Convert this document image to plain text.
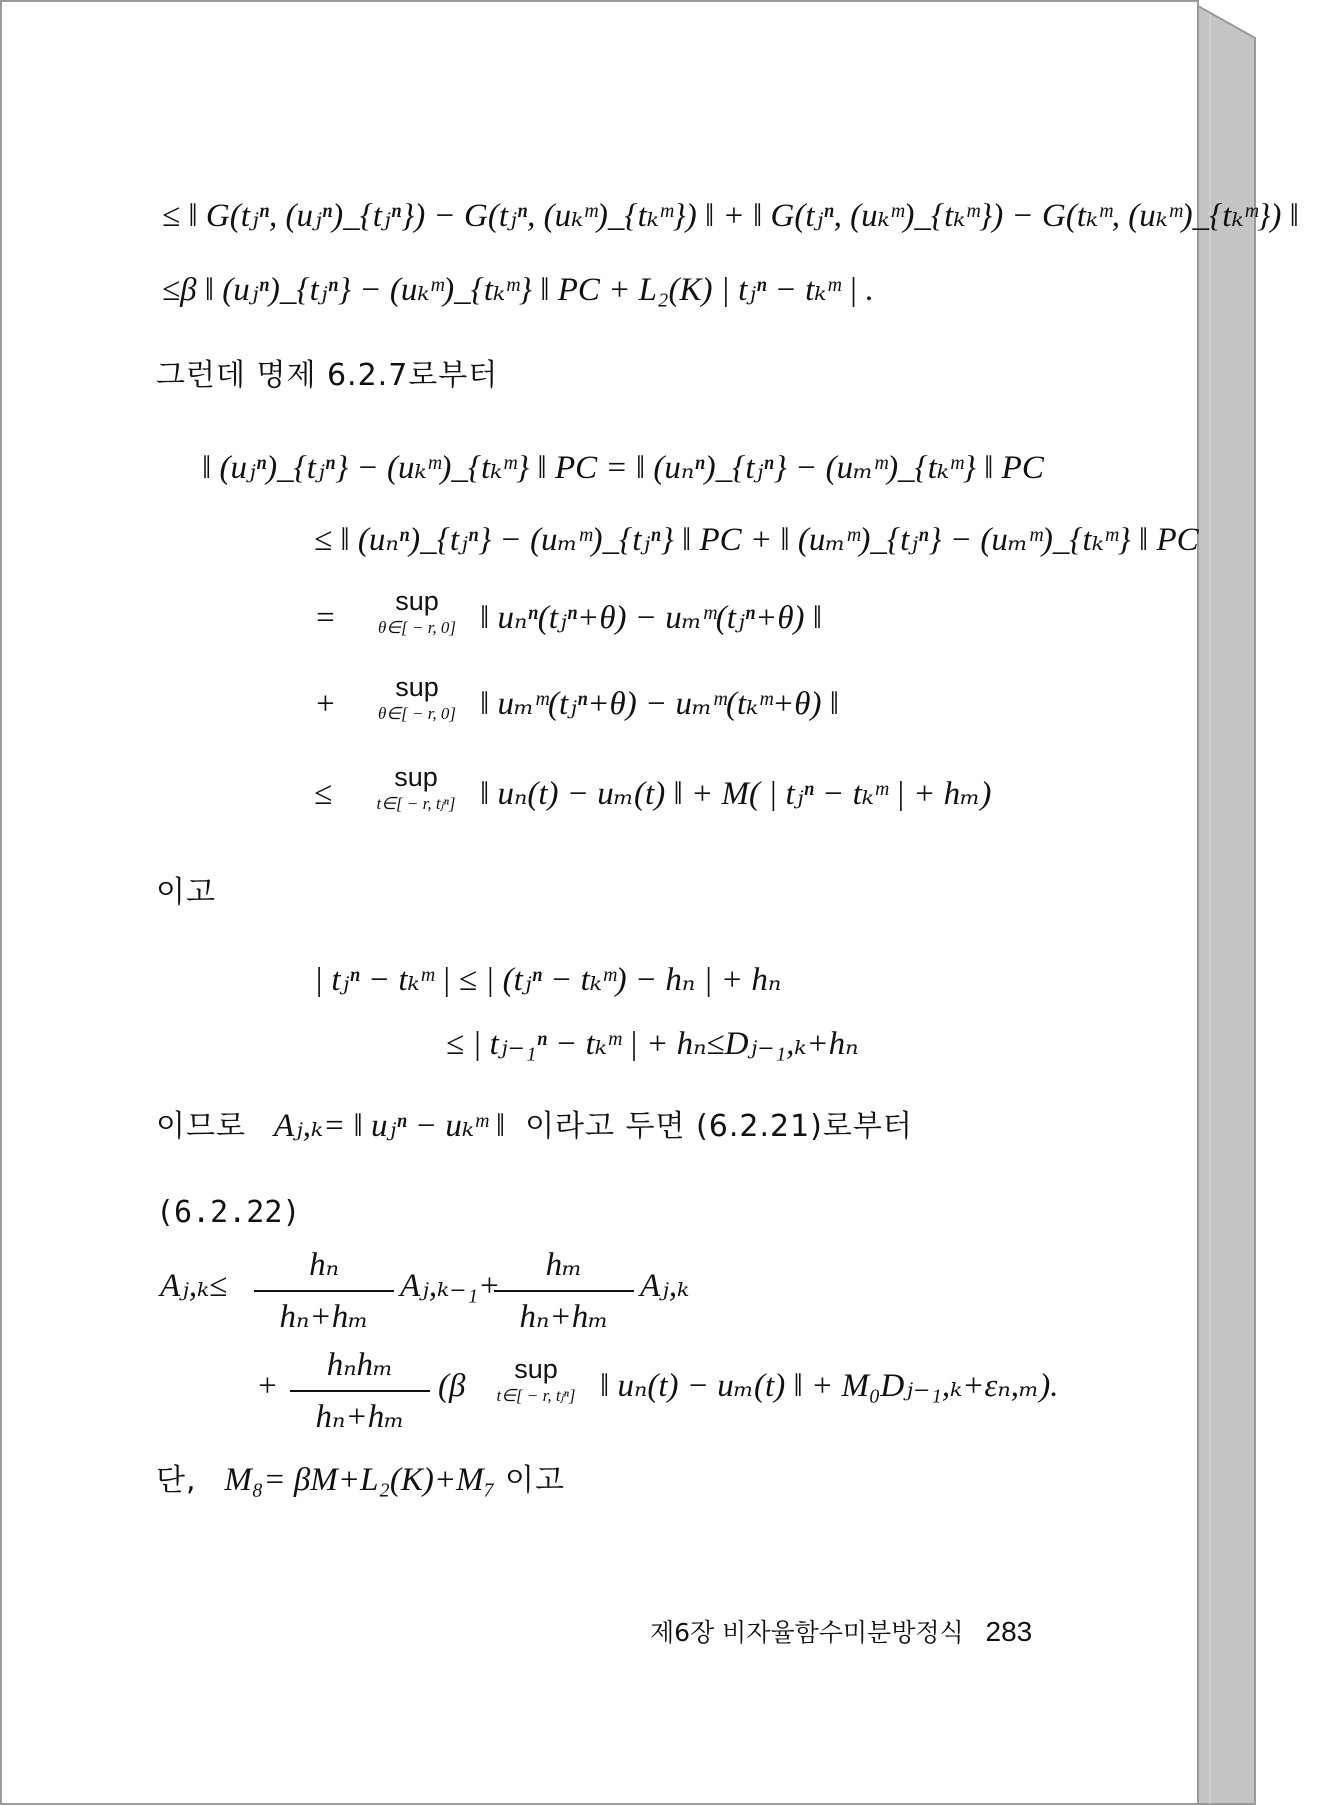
≤ ‖ G(tⱼⁿ, (uⱼⁿ)_{tⱼⁿ}) − G(tⱼⁿ, (uₖᵐ)_{tₖᵐ}) ‖ + ‖ G(tⱼⁿ, (uₖᵐ)_{tₖᵐ}) − G(tₖᵐ, (uₖᵐ)_{tₖᵐ}) ‖
≤β ‖ (uⱼⁿ)_{tⱼⁿ} − (uₖᵐ)_{tₖᵐ} ‖ PC + L₂(K) | tⱼⁿ − tₖᵐ | .
그런데 명제 6.2.7로부터
‖ (uⱼⁿ)_{tⱼⁿ} − (uₖᵐ)_{tₖᵐ} ‖ PC = ‖ (uₙⁿ)_{tⱼⁿ} − (uₘᵐ)_{tₖᵐ} ‖ PC
≤ ‖ (uₙⁿ)_{tⱼⁿ} − (uₘᵐ)_{tⱼⁿ} ‖ PC + ‖ (uₘᵐ)_{tⱼⁿ} − (uₘᵐ)_{tₖᵐ} ‖ PC
=	sup
θ∈[ − r, 0] ‖ uₙⁿ(tⱼⁿ+θ) − uₘᵐ(tⱼⁿ+θ) ‖
+	sup
θ∈[ − r, 0] ‖ uₘᵐ(tⱼⁿ+θ) − uₘᵐ(tₖᵐ+θ) ‖
≤	sup
t∈[ − r, tⱼⁿ] ‖ uₙ(t) − uₘ(t) ‖ + M( | tⱼⁿ − tₖᵐ | + hₘ)
이고
| tⱼⁿ − tₖᵐ | ≤ | (tⱼⁿ − tₖᵐ) − hₙ | + hₙ
≤ | tⱼ₋₁ⁿ − tₖᵐ | + hₙ≤Dⱼ₋₁,ₖ+hₙ
이므로 Aⱼ,ₖ= ‖ uⱼⁿ − uₖᵐ ‖ 이라고 두면 (6.2.21)로부터
(6.2.22)
Aⱼ,ₖ≤ $\frac{\text{hₙ}}{\text{hₙ+hₘ}}$ Aⱼ,ₖ₋₁+
$\frac{\text{hₘ}}{\text{hₙ+hₘ}}$ Aⱼ,ₖ
+
hₙhₘ
hₙ+hₘ
(β	sup
t∈[ − r, tⱼⁿ] ‖ uₙ(t) − uₘ(t) ‖ + M₀Dⱼ₋₁,ₖ+εₙ,ₘ).
단, M₈= βM+L₂(K)+M₇ 이고
제6장 비자율함수미분방정식 283
